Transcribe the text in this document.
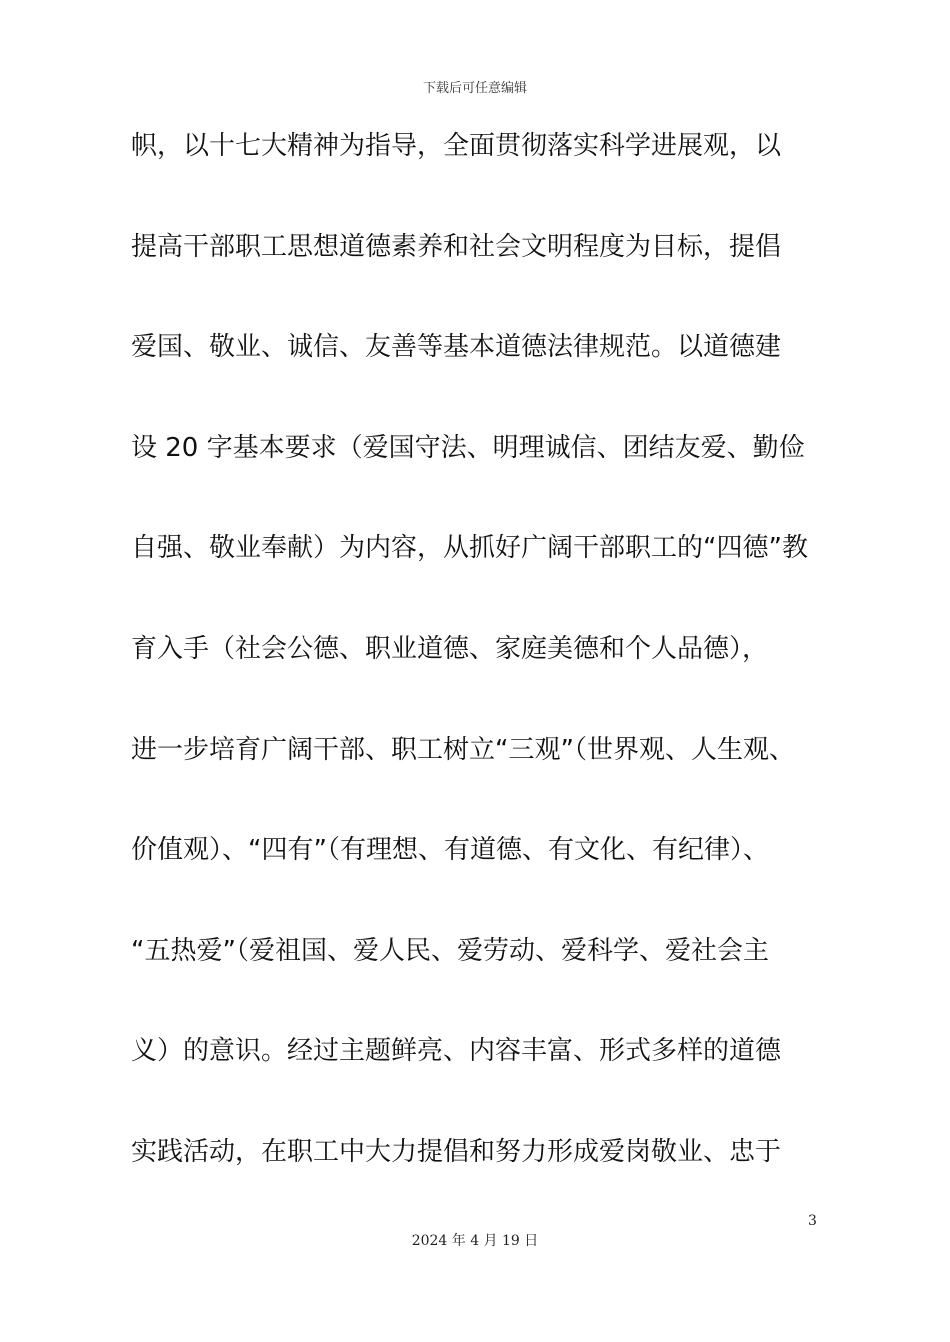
下载后可任意编辑
帜，以十七大精神为指导，全面贯彻落实科学进展观，以
提高干部职工思想道德素养和社会文明程度为目标，提倡
爱国、敬业、诚信、友善等基本道德法律规范。以道德建
设 20 字基本要求（爱国守法、明理诚信、团结友爱、勤俭
自强、敬业奉献）为内容，从抓好广阔干部职工的“四德”教
育入手（社会公德、职业道德、家庭美德和个人品德），
进一步培育广阔干部、职工树立“三观”（世界观、人生观、
价值观）、“四有”（有理想、有道德、有文化、有纪律）、
“五热爱”（爱祖国、爱人民、爱劳动、爱科学、爱社会主
义）的意识。经过主题鲜亮、内容丰富、形式多样的道德
实践活动，在职工中大力提倡和努力形成爱岗敬业、忠于
3
2024 年 4 月 19 日
